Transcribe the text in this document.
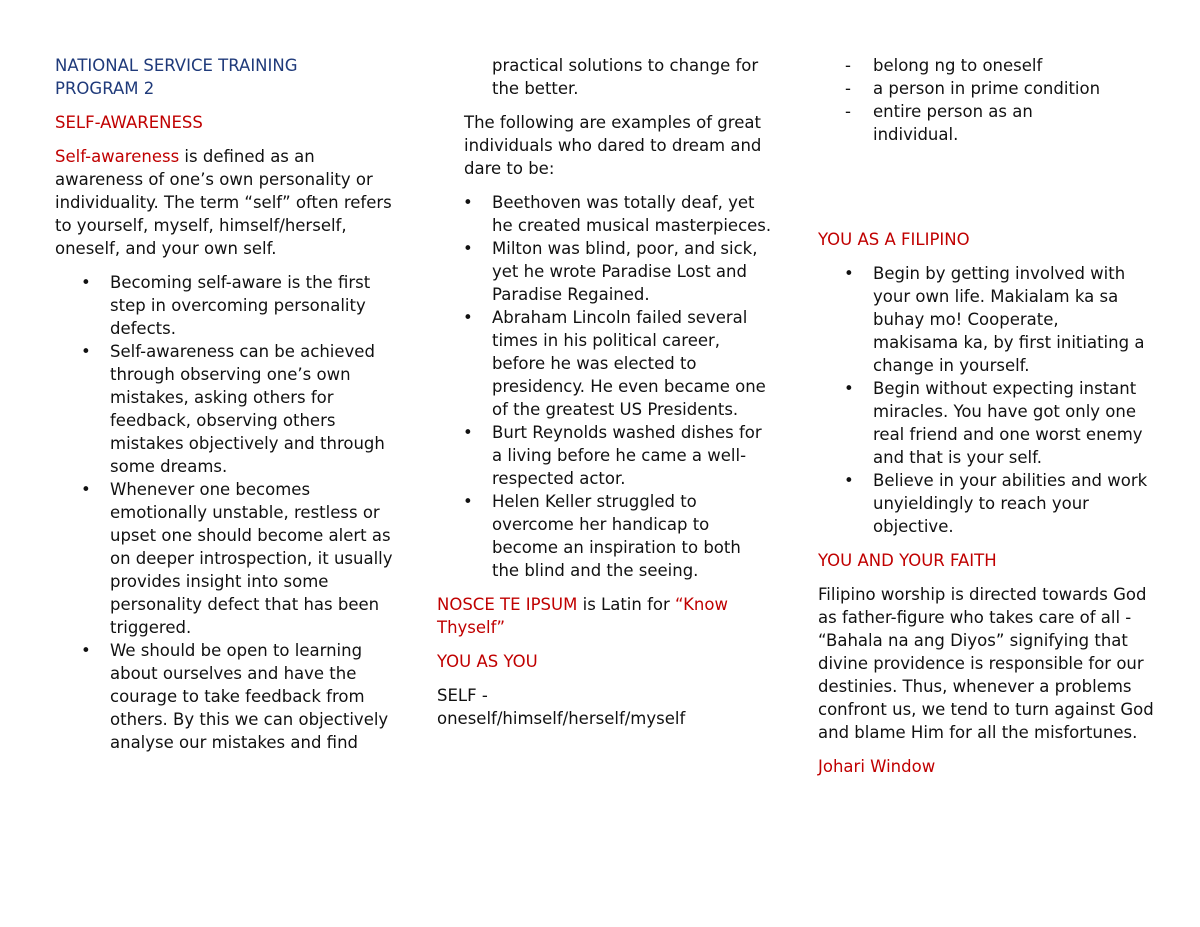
NATIONAL SERVICE TRAINING PROGRAM 2

SELF-AWARENESS

Self-awareness is defined as an awareness of one’s own personality or individuality. The term “self” often refers to yourself, myself, himself/herself, oneself, and your own self.

• Becoming self-aware is the first step in overcoming personality defects.
• Self-awareness can be achieved through observing one’s own mistakes, asking others for feedback, observing others mistakes objectively and through some dreams.
• Whenever one becomes emotionally unstable, restless or upset one should become alert as on deeper introspection, it usually provides insight into some personality defect that has been triggered.
• We should be open to learning about ourselves and have the courage to take feedback from others. By this we can objectively analyse our mistakes and find

practical solutions to change for the better.

The following are examples of great individuals who dared to dream and dare to be:

• Beethoven was totally deaf, yet he created musical masterpieces.
• Milton was blind, poor, and sick, yet he wrote Paradise Lost and Paradise Regained.
• Abraham Lincoln failed several times in his political career, before he was elected to presidency. He even became one of the greatest US Presidents.
• Burt Reynolds washed dishes for a living before he came a well-respected actor.
• Helen Keller struggled to overcome her handicap to become an inspiration to both the blind and the seeing.

NOSCE TE IPSUM is Latin for “Know Thyself”

YOU AS YOU

SELF -

oneself/himself/herself/myself

- belong ng to oneself
- a person in prime condition
- entire person as an individual.

YOU AS A FILIPINO

• Begin by getting involved with your own life. Makialam ka sa buhay mo! Cooperate, makisama ka, by first initiating a change in yourself.
• Begin without expecting instant miracles. You have got only one real friend and one worst enemy and that is your self.
• Believe in your abilities and work unyieldingly to reach your objective.

YOU AND YOUR FAITH

Filipino worship is directed towards God as father-figure who takes care of all - “Bahala na ang Diyos” signifying that divine providence is responsible for our destinies. Thus, whenever a problems confront us, we tend to turn against God and blame Him for all the misfortunes.

Johari Window
